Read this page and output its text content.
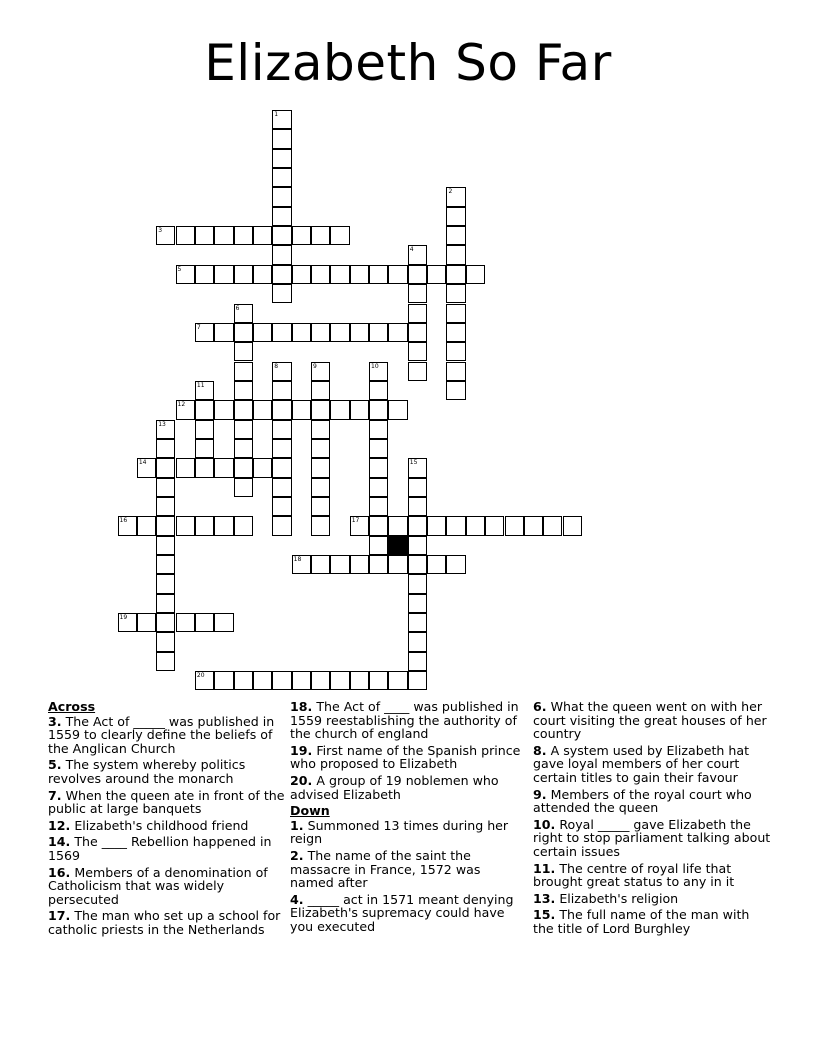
Elizabeth So Far
1
2
3
4
5
6
7
8	9	10
11
12
13
14	15
16	17
18
19
20
Across
3. The Act of _____ was published in 1559 to clearly define the beliefs of the Anglican Church
5. The system whereby politics revolves around the monarch
7. When the queen ate in front of the public at large banquets
12. Elizabeth's childhood friend
14. The ____ Rebellion happened in 1569
16. Members of a denomination of Catholicism that was widely persecuted
17. The man who set up a school for catholic priests in the Netherlands
18. The Act of ____ was published in 1559 reestablishing the authority of the church of england
19. First name of the Spanish prince who proposed to Elizabeth
20. A group of 19 noblemen who advised Elizabeth
Down
1. Summoned 13 times during her reign
2. The name of the saint the massacre in France, 1572 was named after
4. _____ act in 1571 meant denying Elizabeth's supremacy could have you executed
6. What the queen went on with her court visiting the great houses of her country
8. A system used by Elizabeth hat gave loyal members of her court certain titles to gain their favour
9. Members of the royal court who attended the queen
10. Royal _____ gave Elizabeth the right to stop parliament talking about certain issues
11. The centre of royal life that brought great status to any in it
13. Elizabeth's religion
15. The full name of the man with the title of Lord Burghley
